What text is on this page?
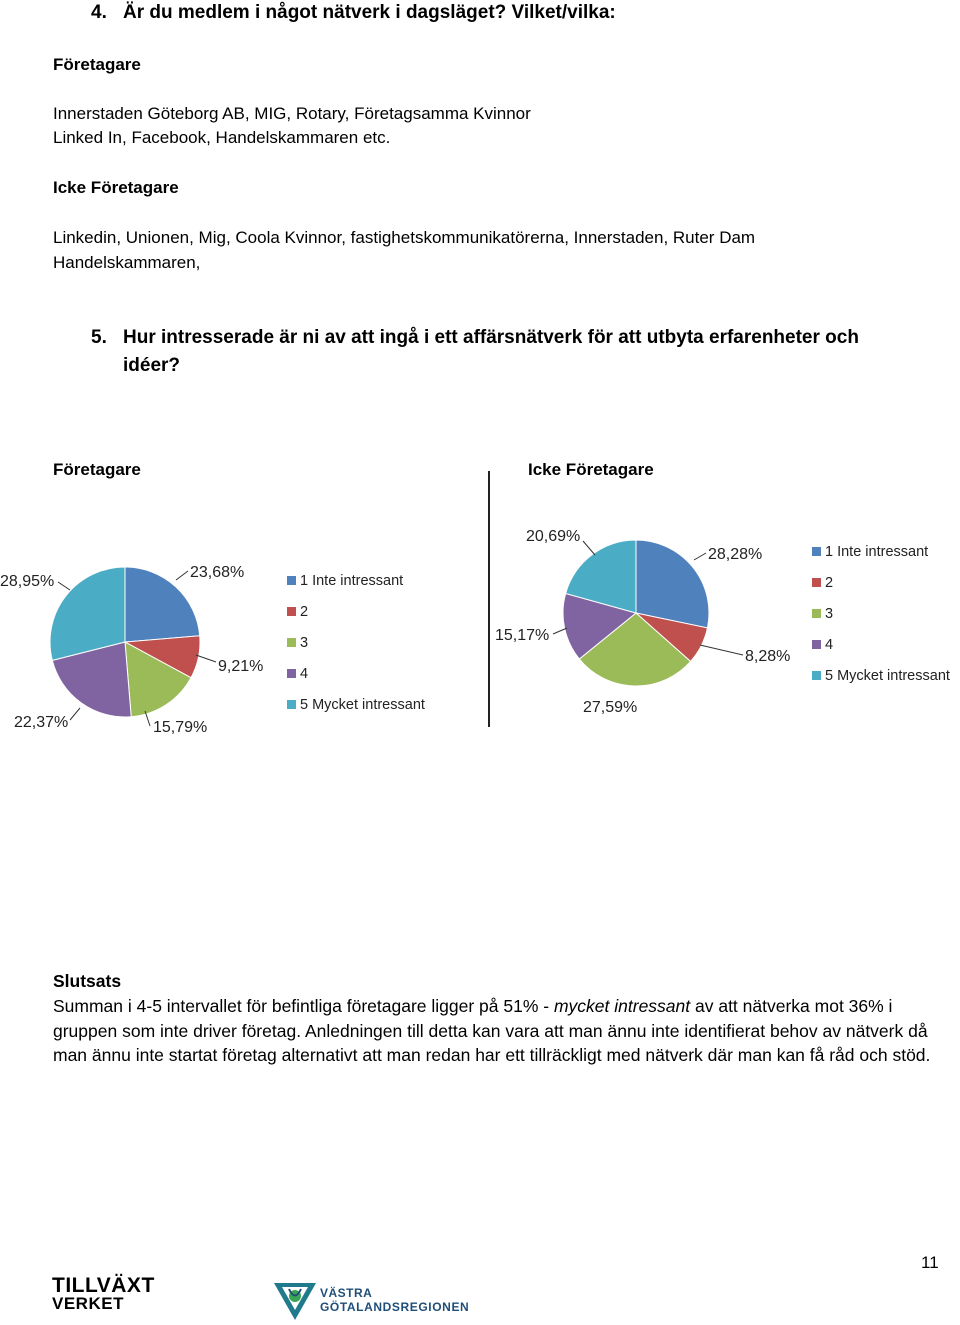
4. Är du medlem i något nätverk i dagsläget? Vilket/vilka:
Företagare
Innerstaden Göteborg AB, MIG, Rotary, Företagsamma Kvinnor
Linked In, Facebook, Handelskammaren etc.
Icke Företagare
Linkedin, Unionen, Mig, Coola Kvinnor, fastighetskommunikatörerna, Innerstaden, Ruter Dam
Handelskammaren,
5. Hur intresserade är ni av att ingå i ett affärsnätverk för att utbyta erfarenheter och
idéer?
Företagare	Icke Företagare
23,68%
9,21%
15,79%
22,37%
28,95%	1 Inte intressant
2
3
4
5 Mycket intressant
28,28%
8,28%
27,59%
15,17%
20,69%
1 Inte intressant
2
3
4
5 Mycket intressant
Slutsats
Summan i 4-5 intervallet för befintliga företagare ligger på 51% - mycket intressant av att nätverka mot 36% i gruppen som inte driver företag. Anledningen till detta kan vara att man ännu inte identifierat behov av nätverk då man ännu inte startat företag alternativt att man redan har ett tillräckligt med nätverk där man kan få råd och stöd.
11
TILLVÄXT
VERKET
VÄSTRA
GÖTALANDSREGIONEN
